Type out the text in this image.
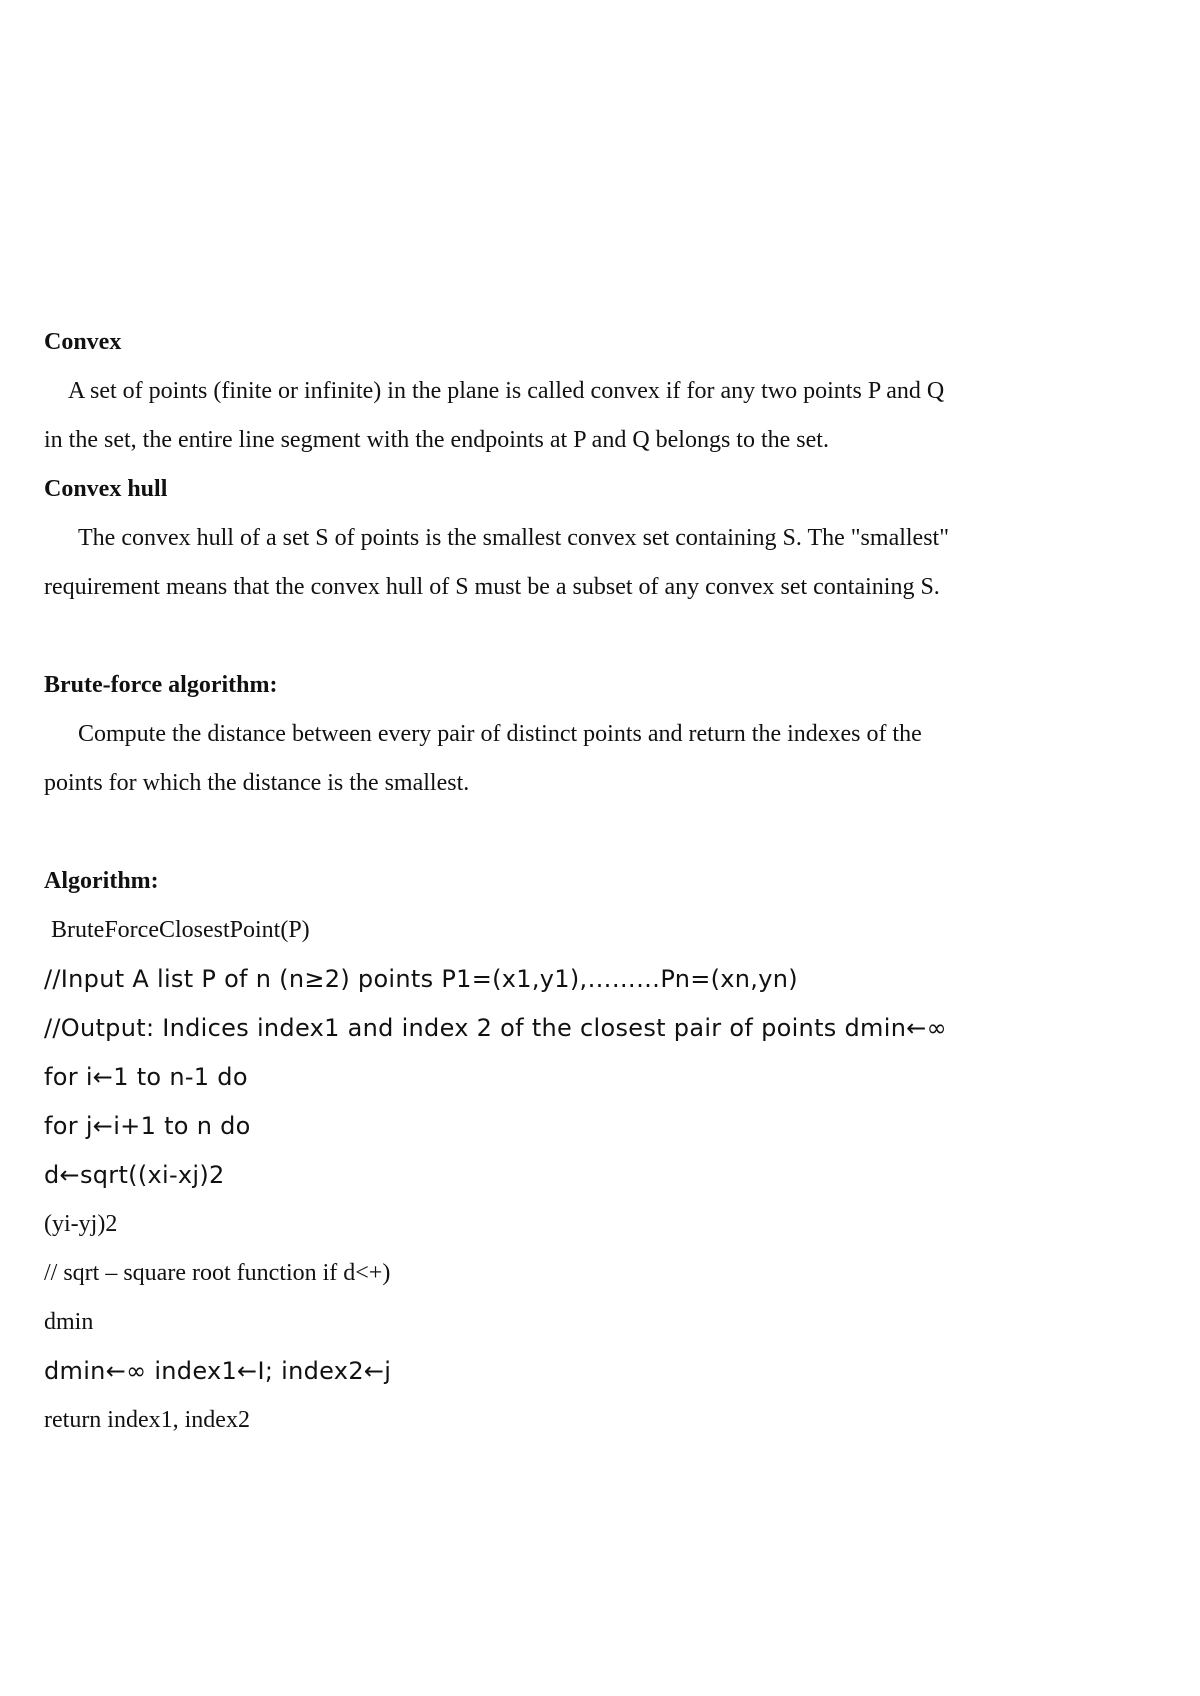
Convex
A set of points (finite or infinite) in the plane is called convex if for any two points P and Q
in the set, the entire line segment with the endpoints at P and Q belongs to the set.
Convex hull
The convex hull of a set S of points is the smallest convex set containing S. The "smallest"
requirement means that the convex hull of S must be a subset of any convex set containing S.
Brute-force algorithm:
Compute the distance between every pair of distinct points and return the indexes of the
points for which the distance is the smallest.
Algorithm:
BruteForceClosestPoint(P)
//Input A list P of n (n≥2) points P1=(x1,y1),………Pn=(xn,yn)
//Output: Indices index1 and index 2 of the closest pair of points dmin←∞
for i←1 to n-1 do
for j←i+1 to n do
d←sqrt((xi-xj)2
(yi-yj)2
// sqrt – square root function if d<+)
dmin
dmin←∞ index1←I; index2←j
return index1, index2
